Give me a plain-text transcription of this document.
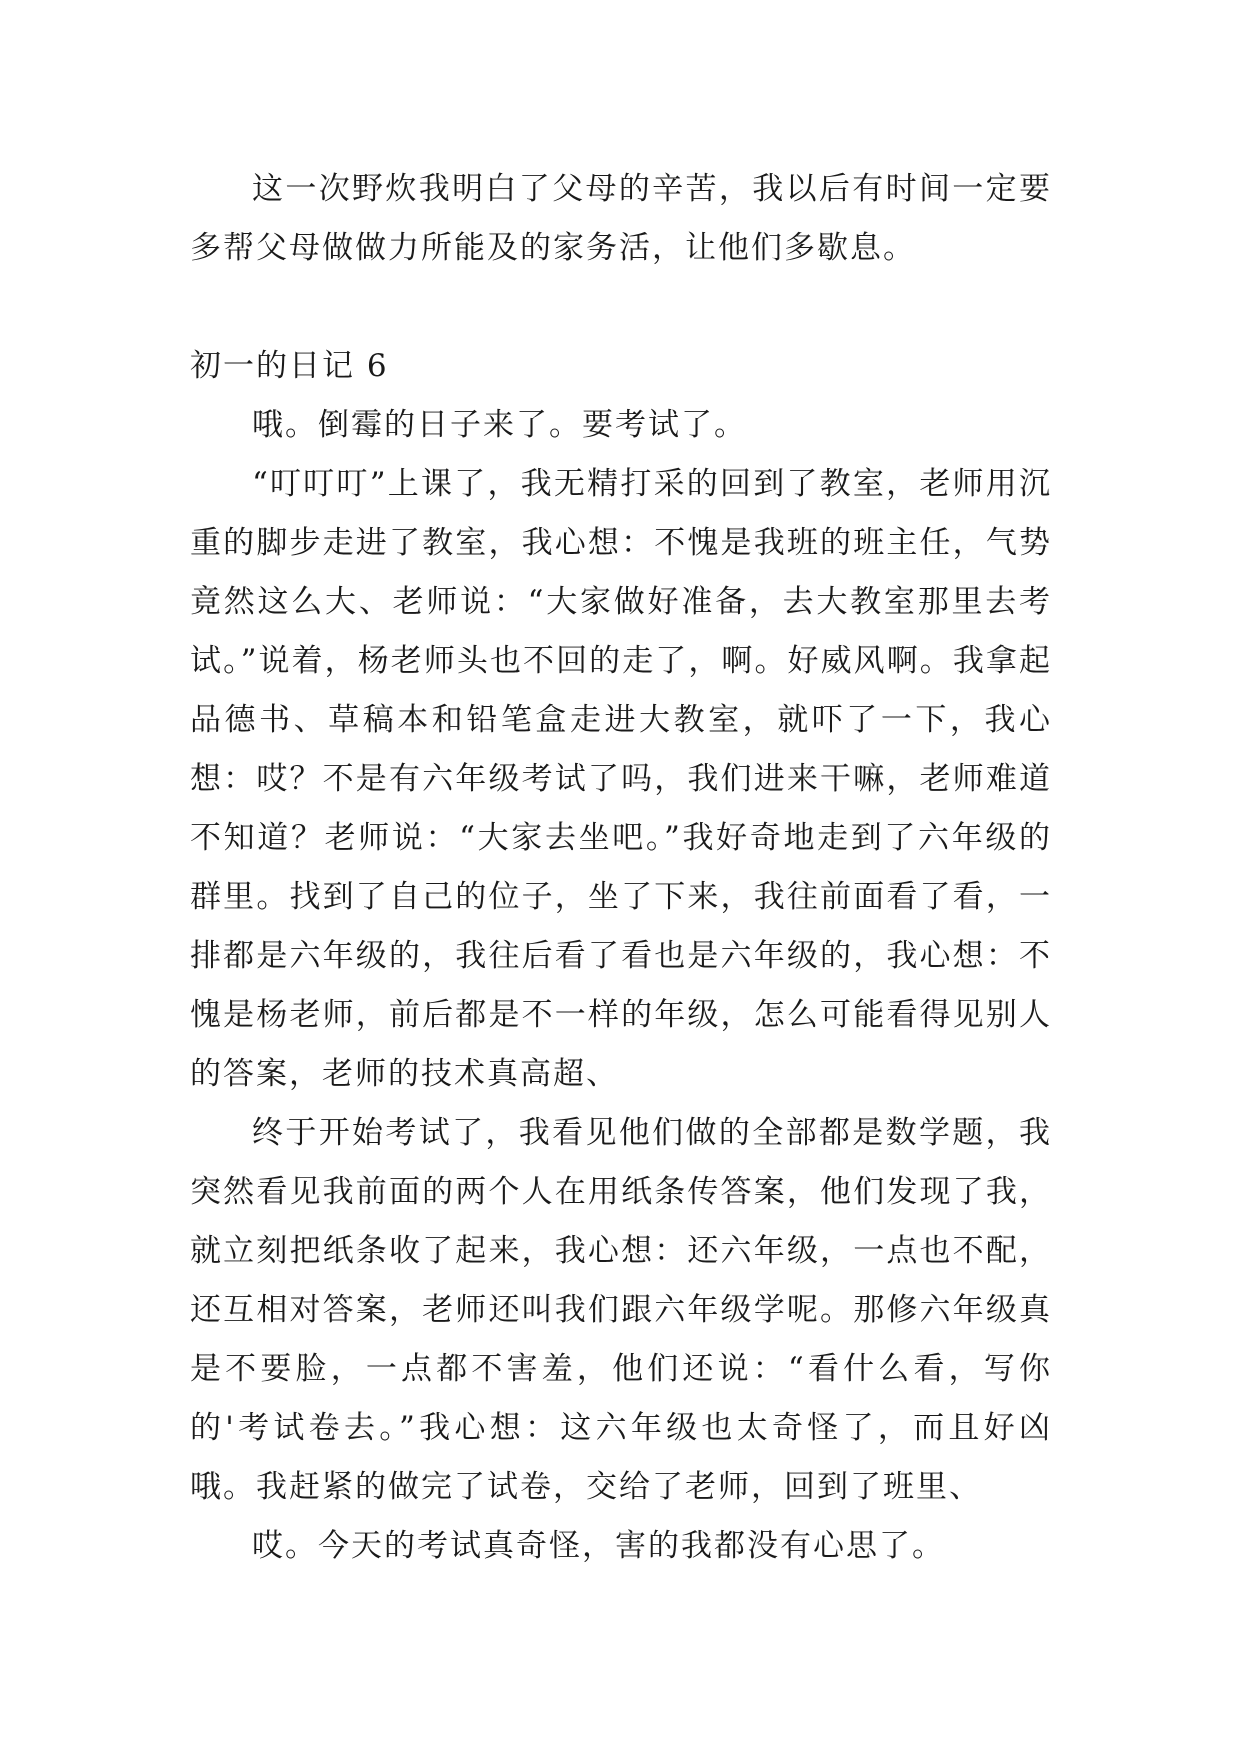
这一次野炊我明白了父母的辛苦，我以后有时间一定要多帮父母做做力所能及的家务活，让他们多歇息。

初一的日记 6

哦。倒霉的日子来了。要考试了。

“叮叮叮”上课了，我无精打采的回到了教室，老师用沉重的脚步走进了教室，我心想：不愧是我班的班主任，气势竟然这么大、老师说：“大家做好准备，去大教室那里去考试。”说着，杨老师头也不回的走了，啊。好威风啊。我拿起品德书、草稿本和铅笔盒走进大教室，就吓了一下，我心想：哎？不是有六年级考试了吗，我们进来干嘛，老师难道不知道？老师说：“大家去坐吧。”我好奇地走到了六年级的群里。找到了自己的位子，坐了下来，我往前面看了看，一排都是六年级的，我往后看了看也是六年级的，我心想：不愧是杨老师，前后都是不一样的年级，怎么可能看得见别人的答案，老师的技术真高超、

终于开始考试了，我看见他们做的全部都是数学题，我突然看见我前面的两个人在用纸条传答案，他们发现了我，就立刻把纸条收了起来，我心想：还六年级，一点也不配，还互相对答案，老师还叫我们跟六年级学呢。那修六年级真是不要脸，一点都不害羞，他们还说：“看什么看，写你的'考试卷去。”我心想：这六年级也太奇怪了，而且好凶哦。我赶紧的做完了试卷，交给了老师，回到了班里、

哎。今天的考试真奇怪，害的我都没有心思了。
